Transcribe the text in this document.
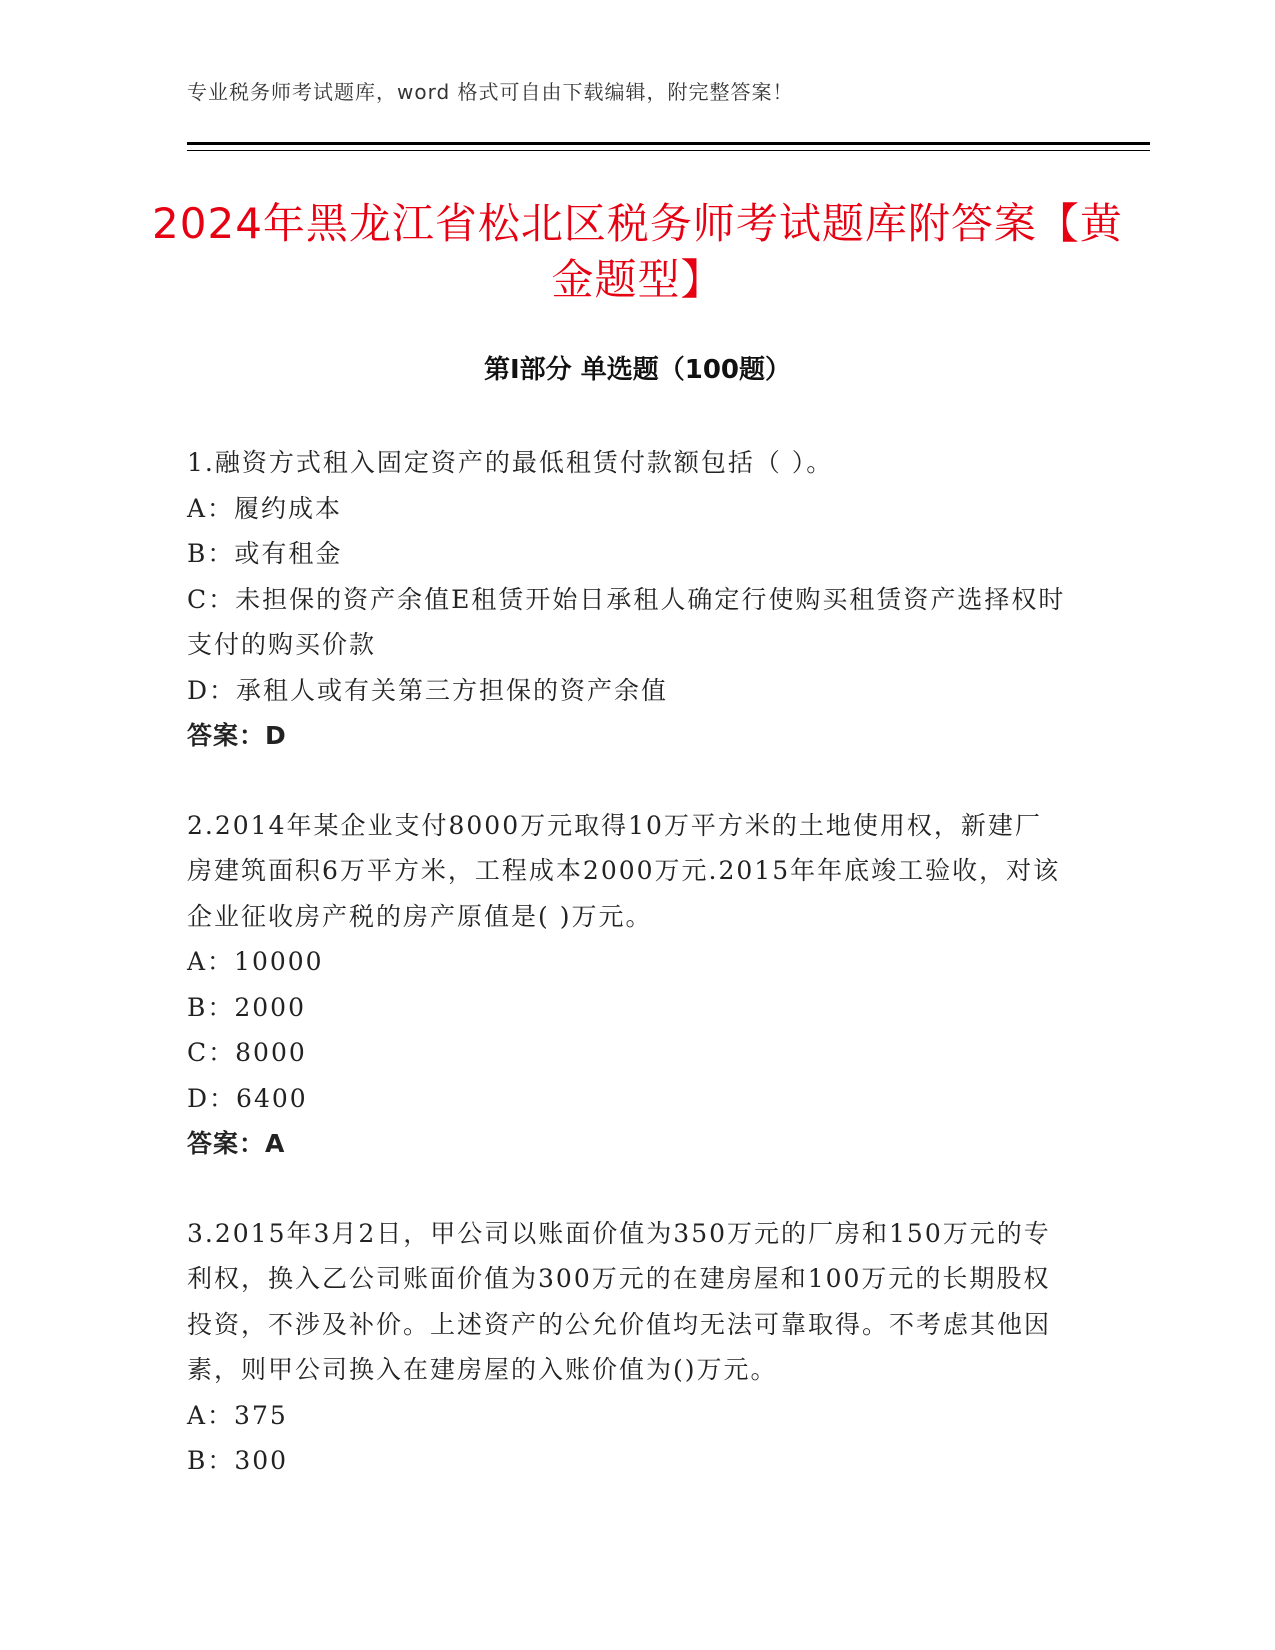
专业税务师考试题库，word 格式可自由下载编辑，附完整答案！
2024年黑龙江省松北区税务师考试题库附答案【黄金题型】
第Ⅰ部分 单选题（100题）

1.融资方式租入固定资产的最低租赁付款额包括（ ）。

A：履约成本

B：或有租金

C：未担保的资产余值E租赁开始日承租人确定行使购买租赁资产选择权时支付的购买价款

D：承租人或有关第三方担保的资产余值

答案：D

2.2014年某企业支付8000万元取得10万平方米的土地使用权，新建厂房建筑面积6万平方米，工程成本2000万元.2015年年底竣工验收，对该企业征收房产税的房产原值是( )万元。

A：10000

B：2000

C：8000

D：6400

答案：A

3.2015年3月2日，甲公司以账面价值为350万元的厂房和150万元的专利权，换入乙公司账面价值为300万元的在建房屋和100万元的长期股权投资，不涉及补价。上述资产的公允价值均无法可靠取得。不考虑其他因素，则甲公司换入在建房屋的入账价值为()万元。

A：375

B：300
